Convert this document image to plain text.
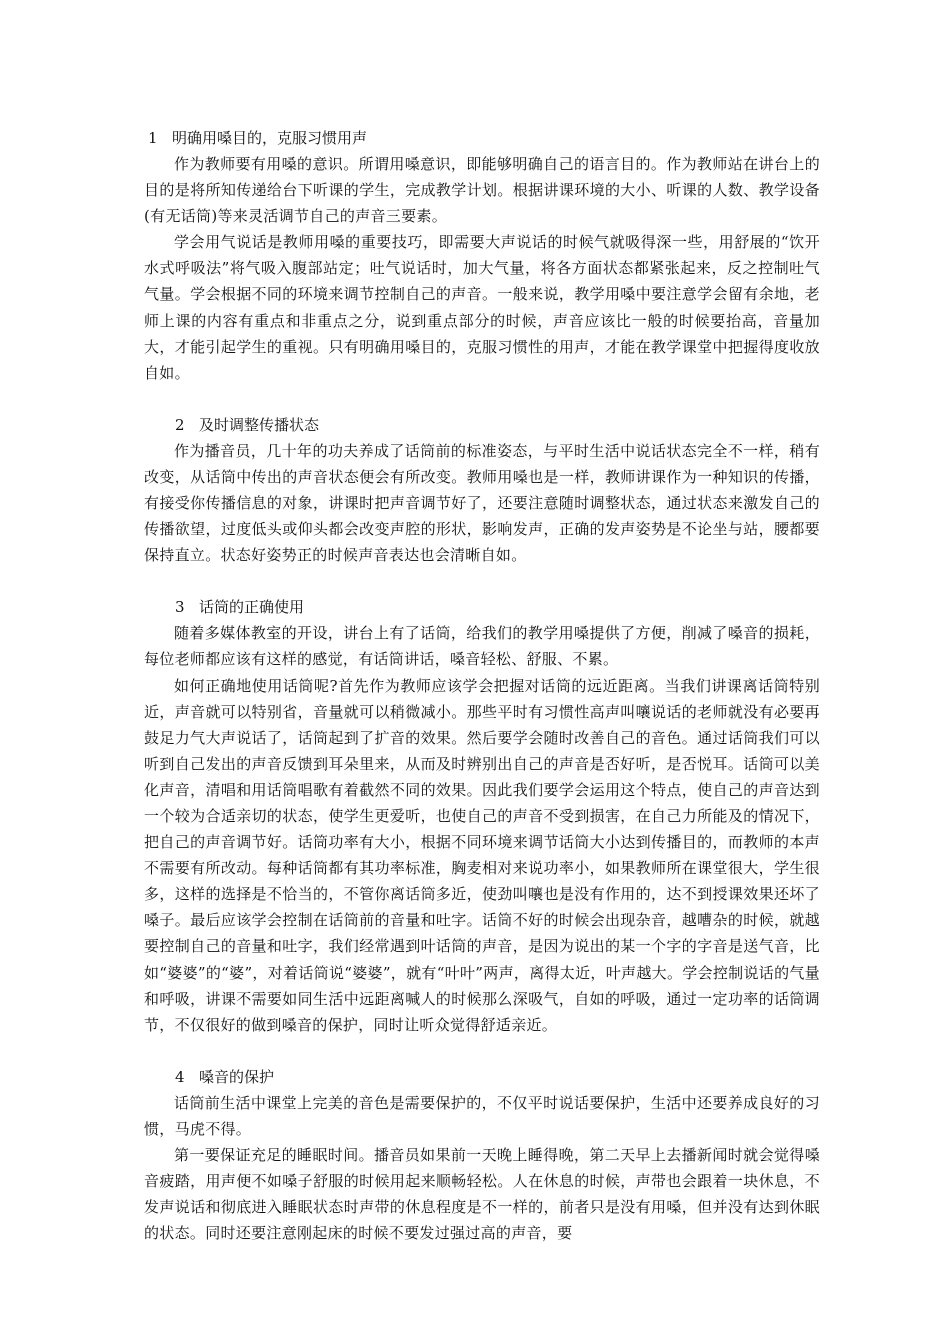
1 明确用嗓目的，克服习惯用声

作为教师要有用嗓的意识。所谓用嗓意识，即能够明确自己的语言目的。作为教师站在讲台上的目的是将所知传递给台下听课的学生，完成教学计划。根据讲课环境的大小、听课的人数、教学设备(有无话筒)等来灵活调节自己的声音三要素。

学会用气说话是教师用嗓的重要技巧，即需要大声说话的时候气就吸得深一些，用舒展的“饮开水式呼吸法”将气吸入腹部站定；吐气说话时，加大气量，将各方面状态都紧张起来，反之控制吐气气量。学会根据不同的环境来调节控制自己的声音。一般来说，教学用嗓中要注意学会留有余地，老师上课的内容有重点和非重点之分，说到重点部分的时候，声音应该比一般的时候要抬高，音量加大，才能引起学生的重视。只有明确用嗓目的，克服习惯性的用声，才能在教学课堂中把握得度收放自如。

2 及时调整传播状态

作为播音员，几十年的功夫养成了话筒前的标准姿态，与平时生活中说话状态完全不一样，稍有改变，从话筒中传出的声音状态便会有所改变。教师用嗓也是一样，教师讲课作为一种知识的传播，有接受你传播信息的对象，讲课时把声音调节好了，还要注意随时调整状态，通过状态来激发自己的传播欲望，过度低头或仰头都会改变声腔的形状，影响发声，正确的发声姿势是不论坐与站，腰都要保持直立。状态好姿势正的时候声音表达也会清晰自如。

3 话筒的正确使用

随着多媒体教室的开设，讲台上有了话筒，给我们的教学用嗓提供了方便，削减了嗓音的损耗，每位老师都应该有这样的感觉，有话筒讲话，嗓音轻松、舒服、不累。

如何正确地使用话筒呢?首先作为教师应该学会把握对话筒的远近距离。当我们讲课离话筒特别近，声音就可以特别省，音量就可以稍微减小。那些平时有习惯性高声叫嚷说话的老师就没有必要再鼓足力气大声说话了，话筒起到了扩音的效果。然后要学会随时改善自己的音色。通过话筒我们可以听到自己发出的声音反馈到耳朵里来，从而及时辨别出自己的声音是否好听，是否悦耳。话筒可以美化声音，清唱和用话筒唱歌有着截然不同的效果。因此我们要学会运用这个特点，使自己的声音达到一个较为合适亲切的状态，使学生更爱听，也使自己的声音不受到损害，在自己力所能及的情况下，把自己的声音调节好。话筒功率有大小，根据不同环境来调节话筒大小达到传播目的，而教师的本声不需要有所改动。每种话筒都有其功率标准，胸麦相对来说功率小，如果教师所在课堂很大，学生很多，这样的选择是不恰当的，不管你离话筒多近，使劲叫嚷也是没有作用的，达不到授课效果还坏了嗓子。最后应该学会控制在话筒前的音量和吐字。话筒不好的时候会出现杂音，越嘈杂的时候，就越要控制自己的音量和吐字，我们经常遇到叶话筒的声音，是因为说出的某一个字的字音是送气音，比如“婆婆”的“婆”，对着话筒说“婆婆”，就有“叶叶”两声，离得太近，叶声越大。学会控制说话的气量和呼吸，讲课不需要如同生活中远距离喊人的时候那么深吸气，自如的呼吸，通过一定功率的话筒调节，不仅很好的做到嗓音的保护，同时让听众觉得舒适亲近。

4 嗓音的保护

话筒前生活中课堂上完美的音色是需要保护的，不仅平时说话要保护，生活中还要养成良好的习惯，马虎不得。

第一要保证充足的睡眠时间。播音员如果前一天晚上睡得晚，第二天早上去播新闻时就会觉得嗓音疲踏，用声便不如嗓子舒服的时候用起来顺畅轻松。人在休息的时候，声带也会跟着一块休息，不发声说话和彻底进入睡眠状态时声带的休息程度是不一样的，前者只是没有用嗓，但并没有达到休眠的状态。同时还要注意刚起床的时候不要发过强过高的声音，要
